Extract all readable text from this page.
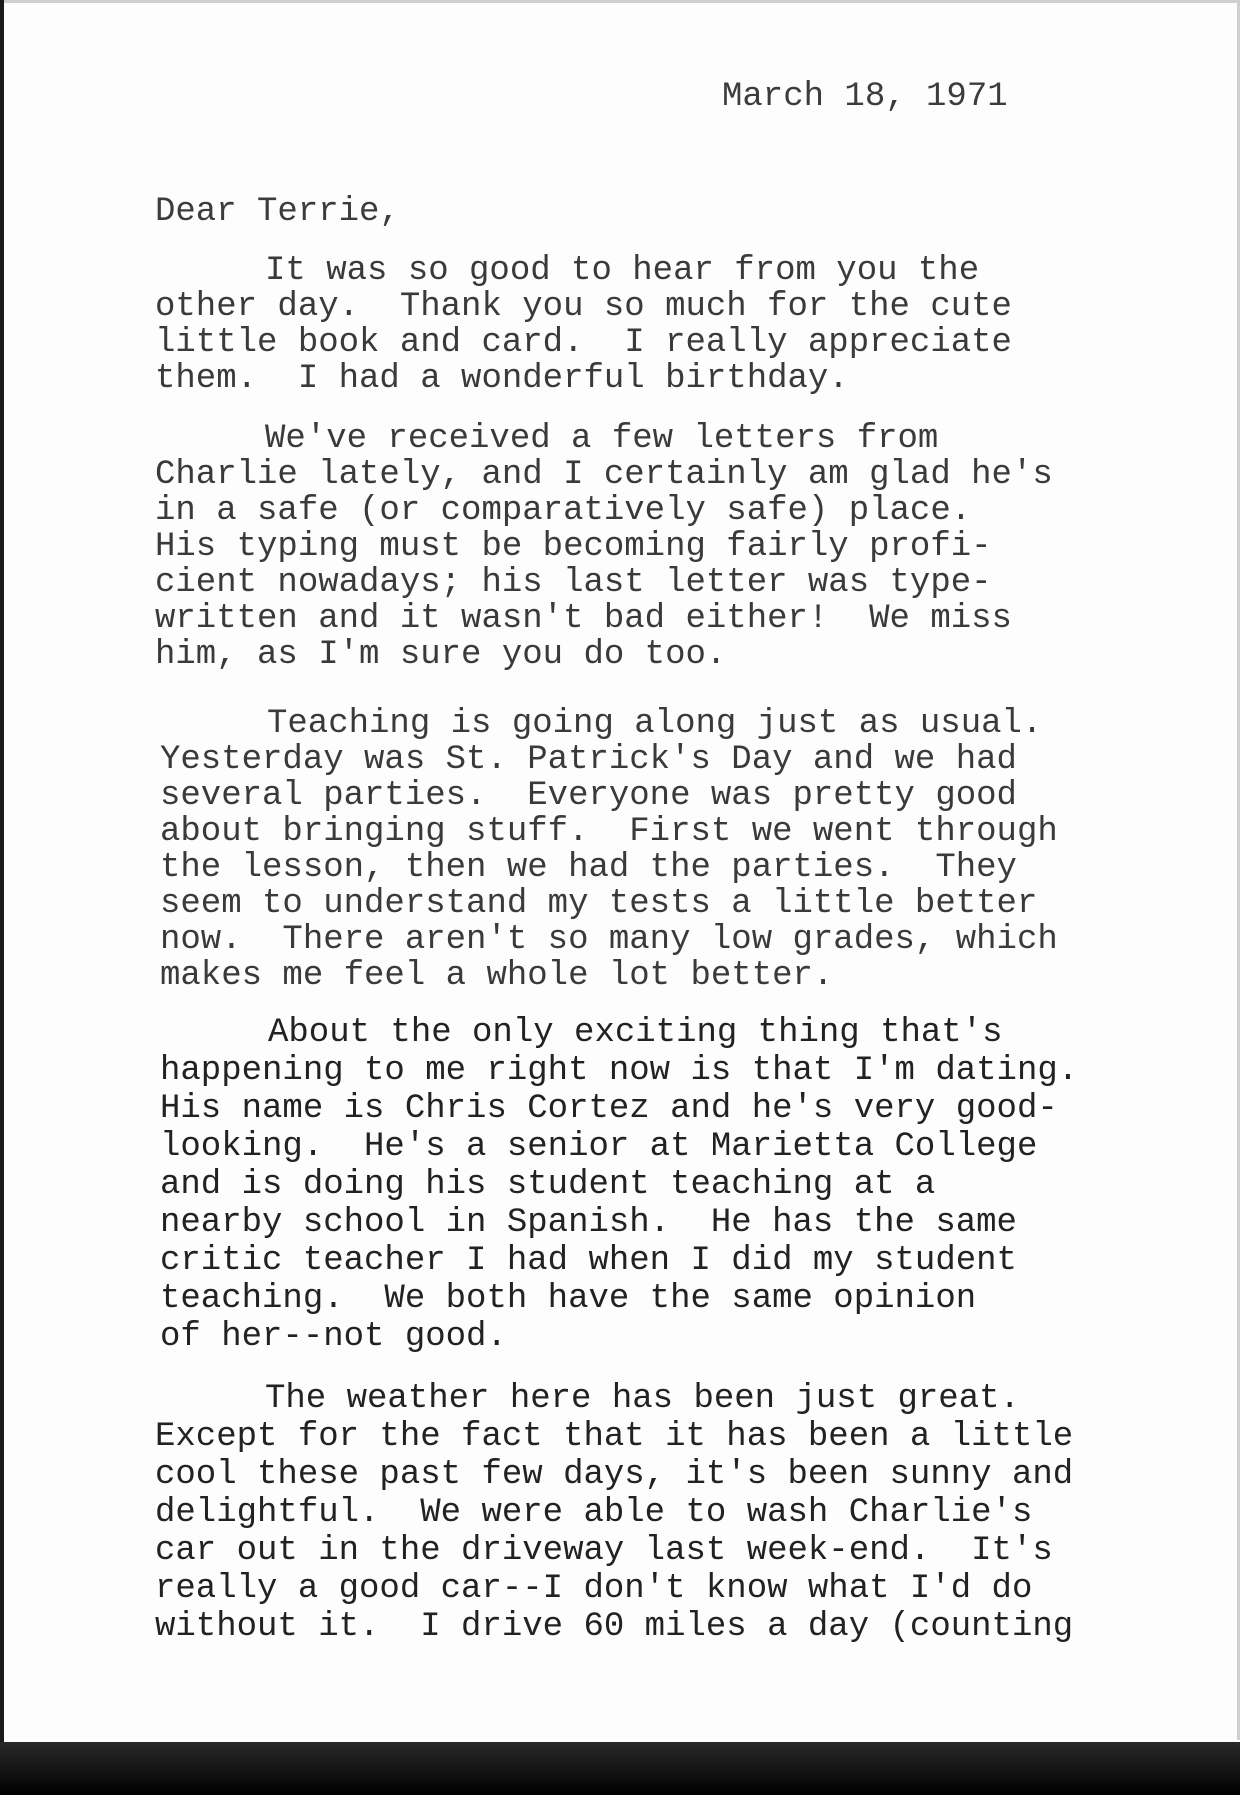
March 18, 1971
Dear Terrie,
It was so good to hear from you the
other day.  Thank you so much for the cute
little book and card.  I really appreciate
them.  I had a wonderful birthday.
We've received a few letters from
Charlie lately, and I certainly am glad he's
in a safe (or comparatively safe) place.
His typing must be becoming fairly profi-
cient nowadays; his last letter was type-
written and it wasn't bad either!  We miss
him, as I'm sure you do too.
Teaching is going along just as usual.
Yesterday was St. Patrick's Day and we had
several parties.  Everyone was pretty good
about bringing stuff.  First we went through
the lesson, then we had the parties.  They
seem to understand my tests a little better
now.  There aren't so many low grades, which
makes me feel a whole lot better.
About the only exciting thing that's
happening to me right now is that I'm dating.
His name is Chris Cortez and he's very good-
looking.  He's a senior at Marietta College
and is doing his student teaching at a
nearby school in Spanish.  He has the same
critic teacher I had when I did my student
teaching.  We both have the same opinion
of her--not good.
The weather here has been just great.
Except for the fact that it has been a little
cool these past few days, it's been sunny and
delightful.  We were able to wash Charlie's
car out in the driveway last week-end.  It's
really a good car--I don't know what I'd do
without it.  I drive 60 miles a day (counting
